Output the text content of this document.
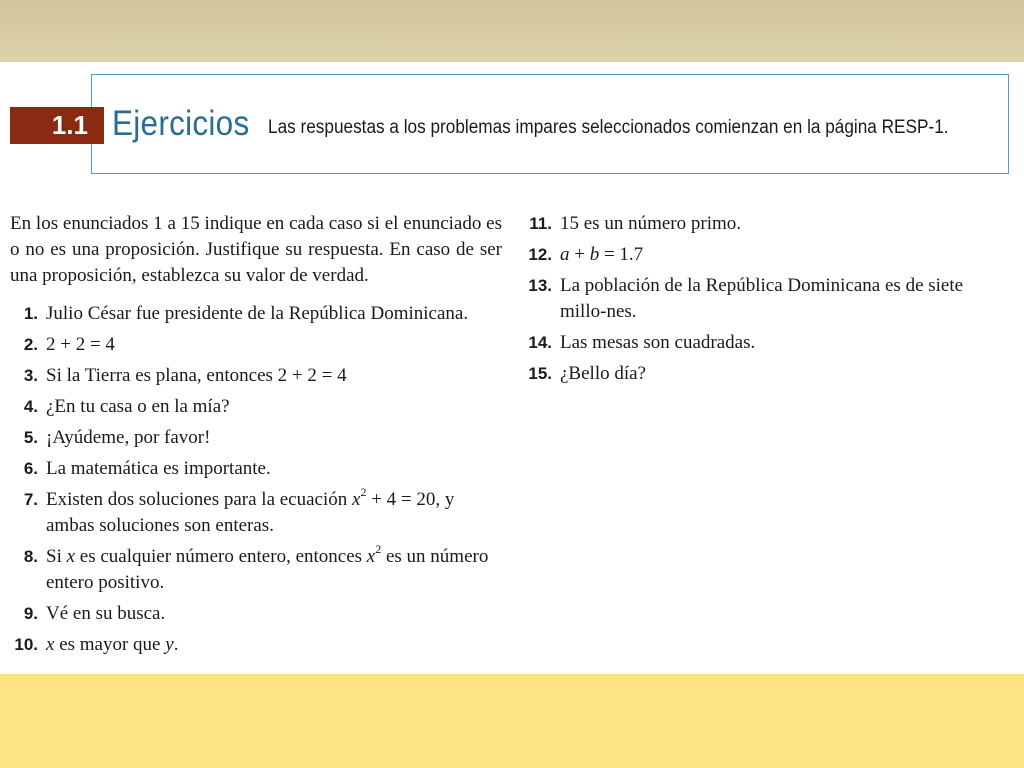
1.1 Ejercicios Las respuestas a los problemas impares seleccionados comienzan en la página RESP-1.

En los enunciados 1 a 15 indique en cada caso si el enunciado es o no es una proposición. Justifique su respuesta. En caso de ser una proposición, establezca su valor de verdad.

1. Julio César fue presidente de la República Dominicana.
2. 2 + 2 = 4
3. Si la Tierra es plana, entonces 2 + 2 = 4
4. ¿En tu casa o en la mía?
5. ¡Ayúdeme, por favor!
6. La matemática es importante.
7. Existen dos soluciones para la ecuación $x^2 + 4 = 20$, y ambas soluciones son enteras.
8. Si x es cualquier número entero, entonces $x^2$ es un número entero positivo.
9. Vé en su busca.
10. x es mayor que y.
11. 15 es un número primo.
12. a + b = 1.7
13. La población de la República Dominicana es de siete millo-nes.
14. Las mesas son cuadradas.
15. ¿Bello día?
